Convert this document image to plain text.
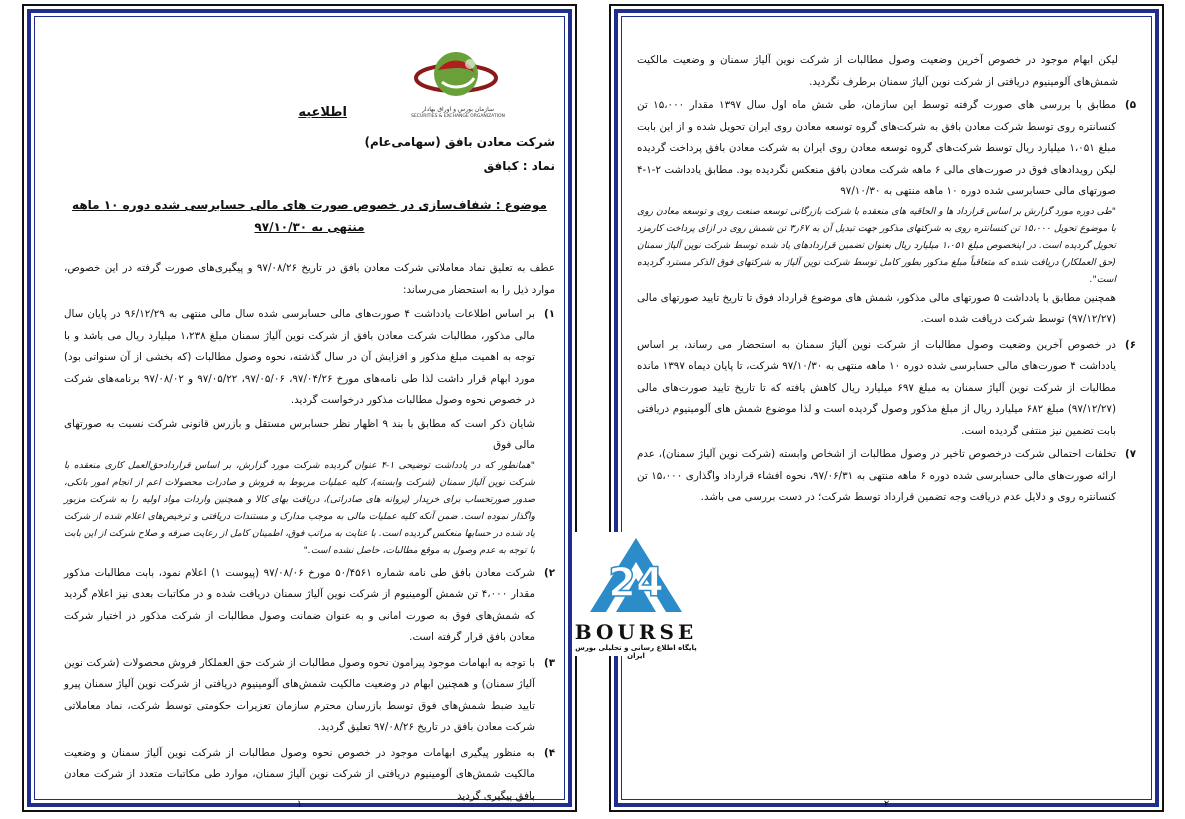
سازمان بورس و اوراق بهادار
SECURITIES & EXCHANGE ORGANIZATION

اطلاعیه

شرکت معادن بافق (سهامی‌عام)

نماد : کبافق

موضوع : شفاف‌سازی در خصوص صورت های مالی حسابرسی شده دوره ۱۰ ماهه منتهی به ۹۷/۱۰/۳۰

عطف به تعلیق نماد معاملاتی شرکت معادن بافق در تاریخ ۹۷/۰۸/۲۶ و پیگیری‌های صورت گرفته در این خصوص، موارد ذیل را به استحضار می‌رساند:

۱)

بر اساس اطلاعات یادداشت ۴ صورت‌های مالی حسابرسی شده سال مالی منتهی به ۹۶/۱۲/۲۹ در پایان سال مالی مذکور، مطالبات شرکت معادن بافق از شرکت نوین آلیاژ سمنان مبلغ ۱،۲۳۸ میلیارد ریال می باشد و با توجه به اهمیت مبلغ مذکور و افزایش آن در سال گذشته، نحوه وصول مطالبات (که بخشی از آن سنواتی بود) مورد ابهام قرار داشت لذا طی نامه‌های مورخ ۹۷/۰۴/۲۶، ۹۷/۰۵/۰۶، ۹۷/۰۵/۲۲ و ۹۷/۰۸/۰۲ برنامه‌های شرکت در خصوص نحوه وصول مطالبات مذکور درخواست گردید.

شایان ذکر است که مطابق با بند ۹ اظهار نظر حسابرس مستقل و بازرس قانونی شرکت نسبت به صورتهای مالی فوق

"همانطور که در یادداشت توضیحی ۱-۴ عنوان گردیده شرکت مورد گزارش، بر اساس قراردادحق‌العمل کاری منعقده با شرکت نوین آلیاژ سمنان (شرکت وابسته)، کلیه عملیات مربوط به فروش و صادرات محصولات اعم از انجام امور بانکی، صدور صورتحساب برای خریدار (پروانه های صادراتی)، دریافت بهای کالا و همچنین واردات مواد اولیه را به شرکت مزبور واگذار نموده است. ضمن آنکه کلیه عملیات مالی به موجب مدارک و مستندات دریافتی و ترخیص‌های اعلام شده از شرکت یاد شده در حسابها منعکس گردیده است. با عنایت به مراتب فوق، اطمینان کامل از رعایت صرفه و صلاح شرکت از این بابت با توجه به عدم وصول به موقع مطالبات، حاصل نشده است."

۲)

شرکت معادن بافق طی نامه شماره ۵۰/۴۵۶۱ مورخ ۹۷/۰۸/۰۶ (پیوست ۱) اعلام نمود، بابت مطالبات مذکور مقدار ۴،۰۰۰ تن شمش آلومینیوم از شرکت نوین آلیاژ سمنان دریافت شده و در مکاتبات بعدی نیز اعلام گردید که شمش‌های فوق به صورت امانی و به عنوان ضمانت وصول مطالبات از شرکت مذکور در اختیار شرکت معادن بافق قرار گرفته است.

۳)

با توجه به ابهامات موجود پیرامون نحوه وصول مطالبات از شرکت حق العملکار فروش محصولات (شرکت نوین آلیاژ سمنان) و همچنین ابهام در وضعیت مالکیت شمش‌های آلومینیوم دریافتی از شرکت نوین آلیاژ سمنان پیرو تایید ضبط شمش‌های فوق توسط بازرسان محترم سازمان تعزیرات حکومتی توسط شرکت، نماد معاملاتی شرکت معادن بافق در تاریخ ۹۷/۰۸/۲۶ تعلیق گردید.

۴)

به منظور پیگیری ابهامات موجود در خصوص نحوه وصول مطالبات از شرکت نوین آلیاژ سمنان و وضعیت مالکیت شمش‌های آلومینیوم دریافتی از شرکت نوین آلیاژ سمنان، موارد طی مکاتبات متعدد از شرکت معادن بافق پیگیری گردید

۱

لیکن ابهام موجود در خصوص آخرین وضعیت وصول مطالبات از شرکت نوین آلیاژ سمنان و وضعیت مالکیت شمش‌های آلومینیوم دریافتی از شرکت نوین آلیاژ سمنان برطرف نگردید.

۵)

مطابق با بررسی های صورت گرفته توسط این سازمان، طی شش ماه اول سال ۱۳۹۷ مقدار ۱۵،۰۰۰ تن کنسانتره روی توسط شرکت معادن بافق به شرکت‌های گروه توسعه معادن روی ایران تحویل شده و از این بابت مبلغ ۱،۰۵۱ میلیارد ریال توسط شرکت‌های گروه توسعه معادن روی ایران به شرکت معادن بافق پرداخت گردیده لیکن رویدادهای فوق در صورت‌های مالی ۶ ماهه شرکت معادن بافق منعکس نگردیده بود. مطابق یادداشت ۲-۱-۴ صورتهای مالی حسابرسی شده دوره ۱۰ ماهه منتهی به ۹۷/۱۰/۳۰

"طی دوره مورد گزارش بر اساس قرارداد ها و الحاقیه های منعقده با شرکت بازرگانی توسعه صنعت روی و توسعه معادن روی با موضوع تحویل ۱۵،۰۰۰ تن کنسانتره روی به شرکتهای مذکور جهت تبدیل آن به ۶۷ر۳ تن شمش روی در ازای پرداخت کارمزد تحویل گردیده است. در اینخصوص مبلغ ۱،۰۵۱ میلیارد ریال بعنوان تضمین قراردادهای یاد شده توسط شرکت نوین آلیاژ سمنان (حق العملکار) دریافت شده که متعاقباً مبلغ مذکور بطور کامل توسط شرکت نوین آلیاژ به شرکتهای فوق الذکر مسترد گردیده است".

همچنین مطابق با یادداشت ۵ صورتهای مالی مذکور، شمش های موضوع قرارداد فوق تا تاریخ تایید صورتهای مالی (۹۷/۱۲/۲۷) توسط شرکت دریافت شده است.

۶)

در خصوص آخرین وضعیت وصول مطالبات از شرکت نوین آلیاژ سمنان به استحضار می رساند، بر اساس یادداشت ۴ صورت‌های مالی حسابرسی شده دوره ۱۰ ماهه منتهی به ۹۷/۱۰/۳۰ شرکت، تا پایان دیماه ۱۳۹۷ مانده مطالبات از شرکت نوین آلیاژ سمنان به مبلغ ۶۹۷ میلیارد ریال کاهش یافته که تا تاریخ تایید صورت‌های مالی (۹۷/۱۲/۲۷) مبلغ ۶۸۲ میلیارد ریال از مبلغ مذکور وصول گردیده است و لذا موضوع شمش های آلومینیوم دریافتی بابت تضمین نیز منتفی گردیده است.

۷)

تخلفات احتمالی شرکت درخصوص تاخیر در وصول مطالبات از اشخاص وابسته (شرکت نوین آلیاژ سمنان)، عدم ارائه صورت‌های مالی حسابرسی شده دوره ۶ ماهه منتهی به ۹۷/۰۶/۳۱، نحوه افشاء قرارداد واگذاری ۱۵،۰۰۰ تن کنسانتره روی و دلایل عدم دریافت وجه تضمین قرارداد توسط شرکت؛ در دست بررسی می باشد.

۲
24
BOURSE
پایگاه اطلاع رسانی و تحلیلی بورس ایران
